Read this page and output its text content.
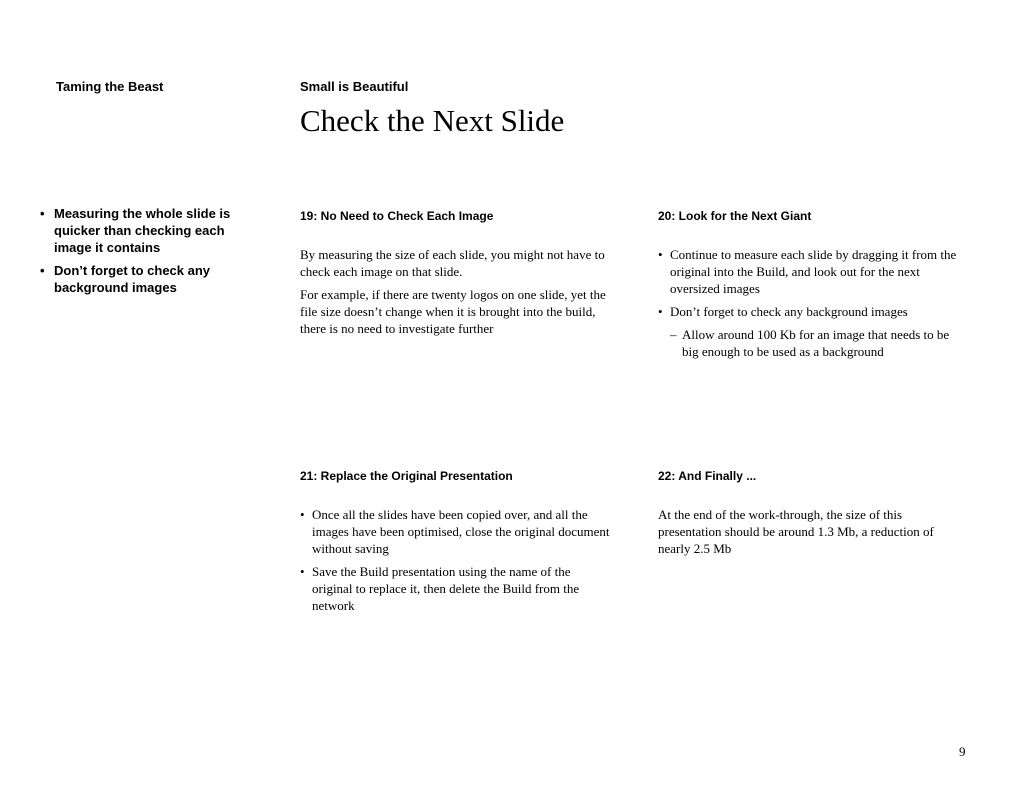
Taming the Beast	Small is Beautiful
Check the Next Slide
• Measuring the whole slide is quicker than checking each image it contains
• Don’t forget to check any background images
19: No Need to Check Each Image

By measuring the size of each slide, you might not have to check each image on that slide.

For example, if there are twenty logos on one slide, yet the file size doesn’t change when it is brought into the build, there is no need to investigate further

20: Look for the Next Giant
• Continue to measure each slide by dragging it from the original into the Build, and look out for the next oversized images
• Don’t forget to check any background images
– Allow around 100 Kb for an image that needs to be big enough to be used as a background
21: Replace the Original Presentation
• Once all the slides have been copied over, and all the images have been optimised, close the original document without saving
• Save the Build presentation using the name of the original to replace it, then delete the Build from the network
22: And Finally ...

At the end of the work-through, the size of this presentation should be around 1.3 Mb, a reduction of nearly 2.5 Mb

9
